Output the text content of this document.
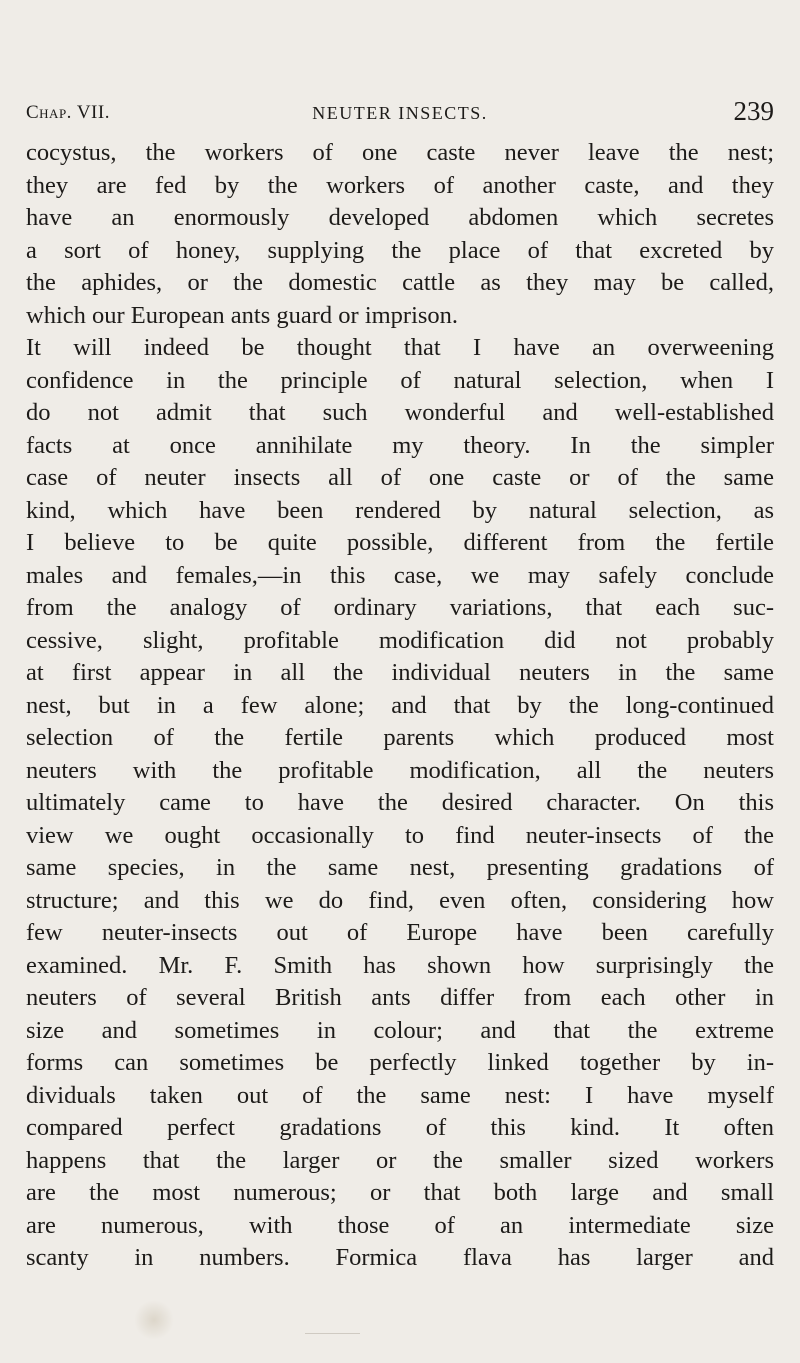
Chap. VII.	NEUTER INSECTS.	239
cocystus, the workers of one caste never leave the nest;
they are fed by the workers of another caste, and they
have an enormously developed abdomen which secretes
a sort of honey, supplying the place of that excreted by
the aphides, or the domestic cattle as they may be called,
which our European ants guard or imprison.
It will indeed be thought that I have an overweening
confidence in the principle of natural selection, when I
do not admit that such wonderful and well-established
facts at once annihilate my theory. In the simpler
case of neuter insects all of one caste or of the same
kind, which have been rendered by natural selection, as
I believe to be quite possible, different from the fertile
males and females,—in this case, we may safely conclude
from the analogy of ordinary variations, that each suc-
cessive, slight, profitable modification did not probably
at first appear in all the individual neuters in the same
nest, but in a few alone; and that by the long-continued
selection of the fertile parents which produced most
neuters with the profitable modification, all the neuters
ultimately came to have the desired character. On this
view we ought occasionally to find neuter-insects of the
same species, in the same nest, presenting gradations of
structure; and this we do find, even often, considering how
few neuter-insects out of Europe have been carefully
examined. Mr. F. Smith has shown how surprisingly the
neuters of several British ants differ from each other in
size and sometimes in colour; and that the extreme
forms can sometimes be perfectly linked together by in-
dividuals taken out of the same nest: I have myself
compared perfect gradations of this kind. It often
happens that the larger or the smaller sized workers
are the most numerous; or that both large and small
are numerous, with those of an intermediate size
scanty in numbers. Formica flava has larger and
